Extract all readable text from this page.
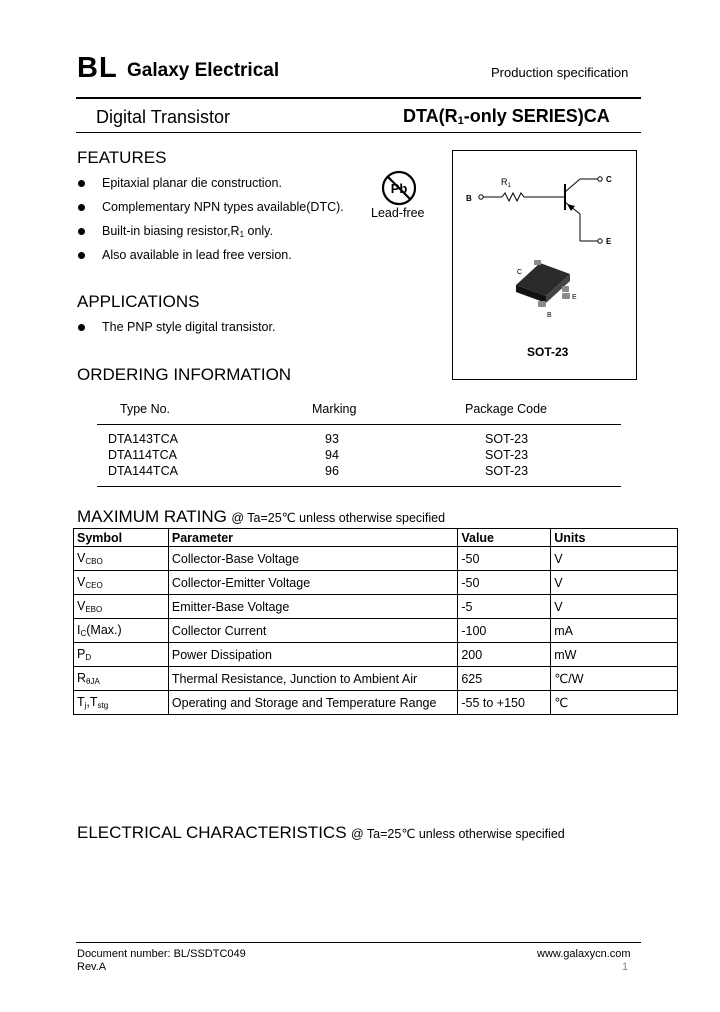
BL Galaxy Electrical	Production specification
Digital Transistor	$DTA(R_1$-only SERIES)CA
FEATURES
Epitaxial planar die construction.
Complementary NPN types available(DTC).
Built-in biasing $resistor,R_1$ only.
Also available in lead free version.
Pb
Lead-free
B
$R_1$
C
E
C
E
B
SOT-23
APPLICATIONS
The PNP style digital transistor.
ORDERING INFORMATION
Type No.	Marking	Package Code
DTA143TCA	93	SOT-23
DTA114TCA	94	SOT-23
DTA144TCA	96	SOT-23
MAXIMUM RATING @ Ta=25℃ unless otherwise specified
Symbol	Parameter	Value	Units
$V_{CBO}$	Collector-Base Voltage	-50	V
$V_{CEO}$	Collector-Emitter Voltage	-50	V
$V_{EBO}$	Emitter-Base Voltage	-5	V
$I_C(Max.)$	Collector Current	-100	mA
$P_D$	Power Dissipation	200	mW
$R_{\theta JA}$	Thermal Resistance, Junction to Ambient Air	625	℃/W
$T_j,T_{stg}$	Operating and Storage and Temperature Range	-55 to +150	℃
ELECTRICAL CHARACTERISTICS @ Ta=25℃ unless otherwise specified
Document number: BL/SSDTC049
Rev.A
www.galaxycn.com
1
